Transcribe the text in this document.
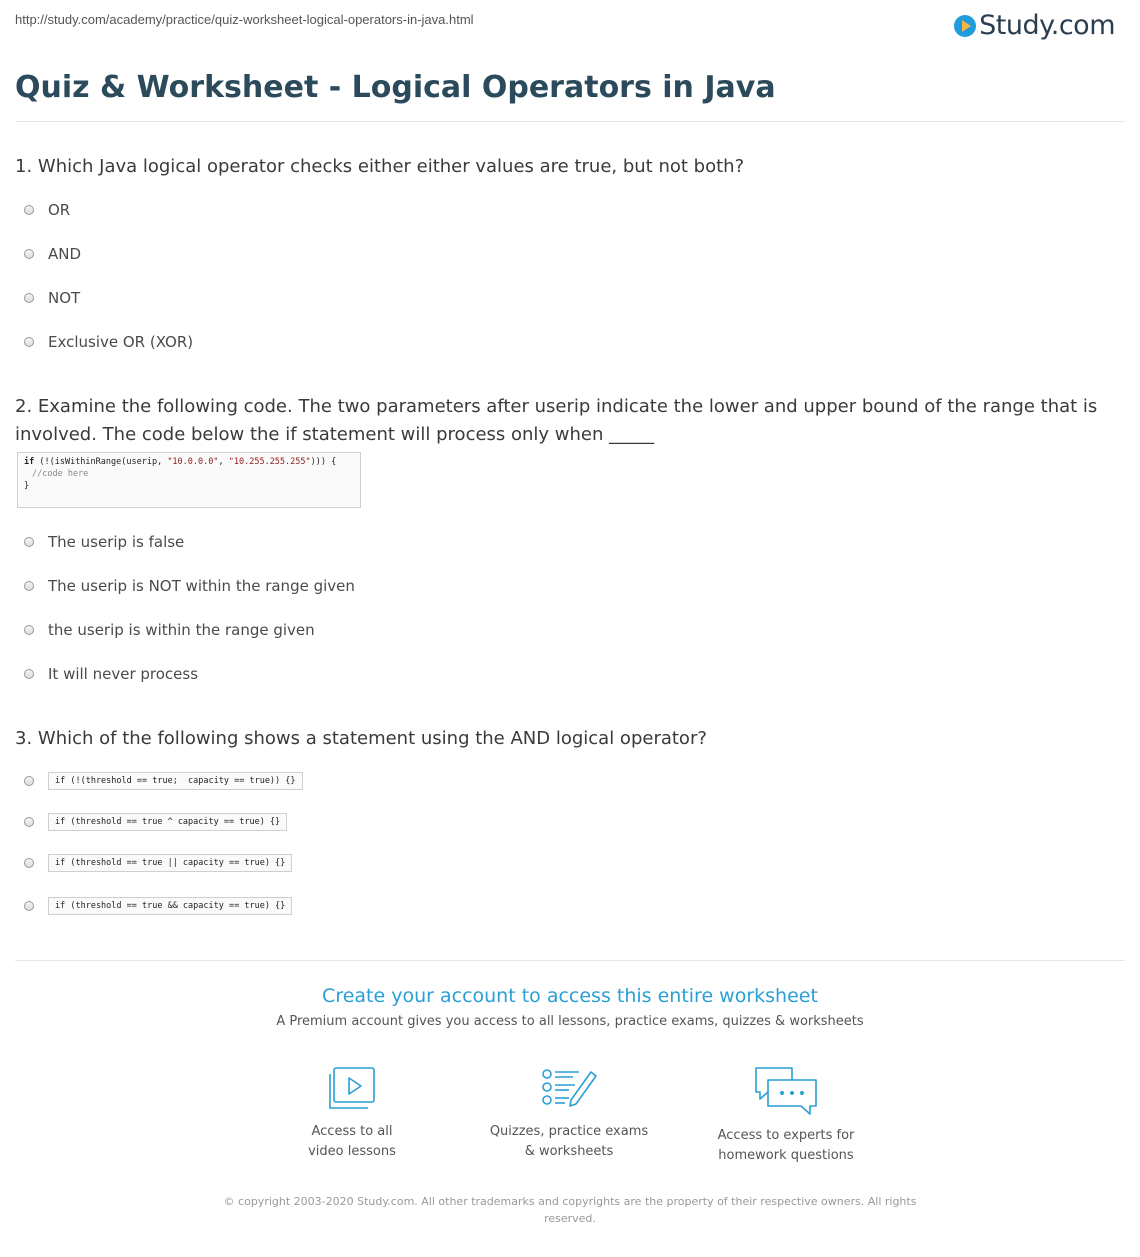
http://study.com/academy/practice/quiz-worksheet-logical-operators-in-java.html	Study.com
Quiz & Worksheet - Logical Operators in Java
1. Which Java logical operator checks either either values are true, but not both?
OR
AND
NOT
Exclusive OR (XOR)
2. Examine the following code. The two parameters after userip indicate the lower and upper bound of the range that is involved. The code below the if statement will process only when _____
if (!(isWithinRange(userip, "10.0.0.0", "10.255.255.255"))) {
//code here
}
The userip is false
The userip is NOT within the range given
the userip is within the range given
It will never process
3. Which of the following shows a statement using the AND logical operator?
if (!(threshold == true;  capacity == true)) {}
if (threshold == true ^ capacity == true) {}
if (threshold == true || capacity == true) {}
if (threshold == true && capacity == true) {}
Create your account to access this entire worksheet
A Premium account gives you access to all lessons, practice exams, quizzes & worksheets
Access to all
video lessons
Quizzes, practice exams
& worksheets
Access to experts for
homework questions
© copyright 2003-2020 Study.com. All other trademarks and copyrights are the property of their respective owners. All rights reserved.
